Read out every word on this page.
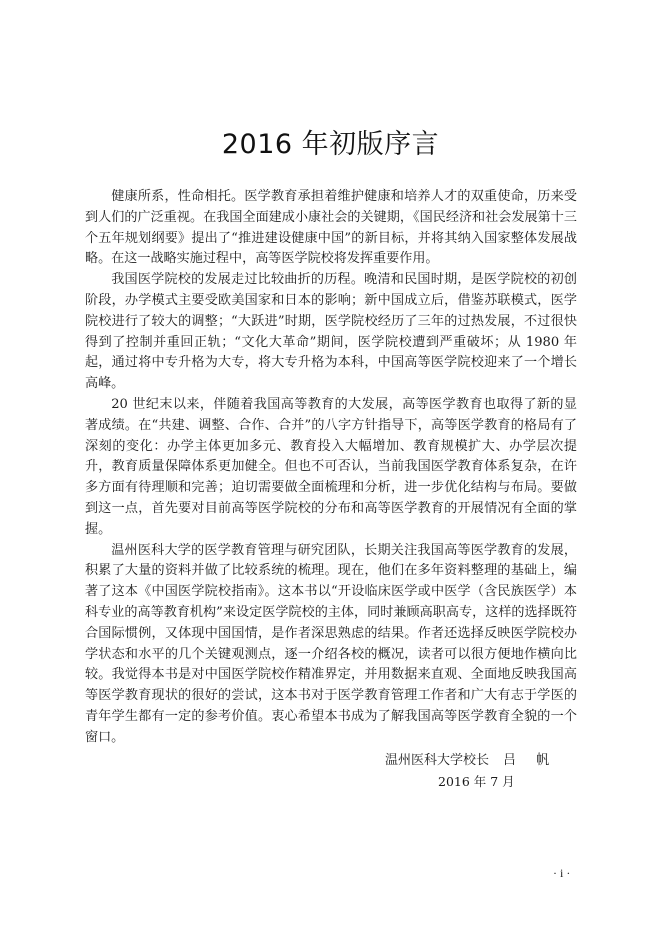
2016 年初版序言

健康所系，性命相托。医学教育承担着维护健康和培养人才的双重使命，历来受到人们的广泛重视。在我国全面建成小康社会的关键期，《国民经济和社会发展第十三个五年规划纲要》提出了“推进建设健康中国”的新目标，并将其纳入国家整体发展战略。在这一战略实施过程中，高等医学院校将发挥重要作用。

我国医学院校的发展走过比较曲折的历程。晚清和民国时期，是医学院校的初创阶段，办学模式主要受欧美国家和日本的影响；新中国成立后，借鉴苏联模式，医学院校进行了较大的调整；“大跃进”时期，医学院校经历了三年的过热发展，不过很快得到了控制并重回正轨；“文化大革命”期间，医学院校遭到严重破坏；从 1980 年起，通过将中专升格为大专，将大专升格为本科，中国高等医学院校迎来了一个增长高峰。

20 世纪末以来，伴随着我国高等教育的大发展，高等医学教育也取得了新的显著成绩。在“共建、调整、合作、合并”的八字方针指导下，高等医学教育的格局有了深刻的变化：办学主体更加多元、教育投入大幅增加、教育规模扩大、办学层次提升，教育质量保障体系更加健全。但也不可否认，当前我国医学教育体系复杂，在许多方面有待理顺和完善；迫切需要做全面梳理和分析，进一步优化结构与布局。要做到这一点，首先要对目前高等医学院校的分布和高等医学教育的开展情况有全面的掌握。

温州医科大学的医学教育管理与研究团队，长期关注我国高等医学教育的发展，积累了大量的资料并做了比较系统的梳理。现在，他们在多年资料整理的基础上，编著了这本《中国医学院校指南》。这本书以“开设临床医学或中医学（含民族医学）本科专业的高等教育机构”来设定医学院校的主体，同时兼顾高职高专，这样的选择既符合国际惯例，又体现中国国情，是作者深思熟虑的结果。作者还选择反映医学院校办学状态和水平的几个关键观测点，逐一介绍各校的概况，读者可以很方便地作横向比较。我觉得本书是对中国医学院校作精准界定，并用数据来直观、全面地反映我国高等医学教育现状的很好的尝试，这本书对于医学教育管理工作者和广大有志于学医的青年学生都有一定的参考价值。衷心希望本书成为了解我国高等医学教育全貌的一个窗口。

温州医科大学校长 吕 帆
2016 年 7 月
· i ·
